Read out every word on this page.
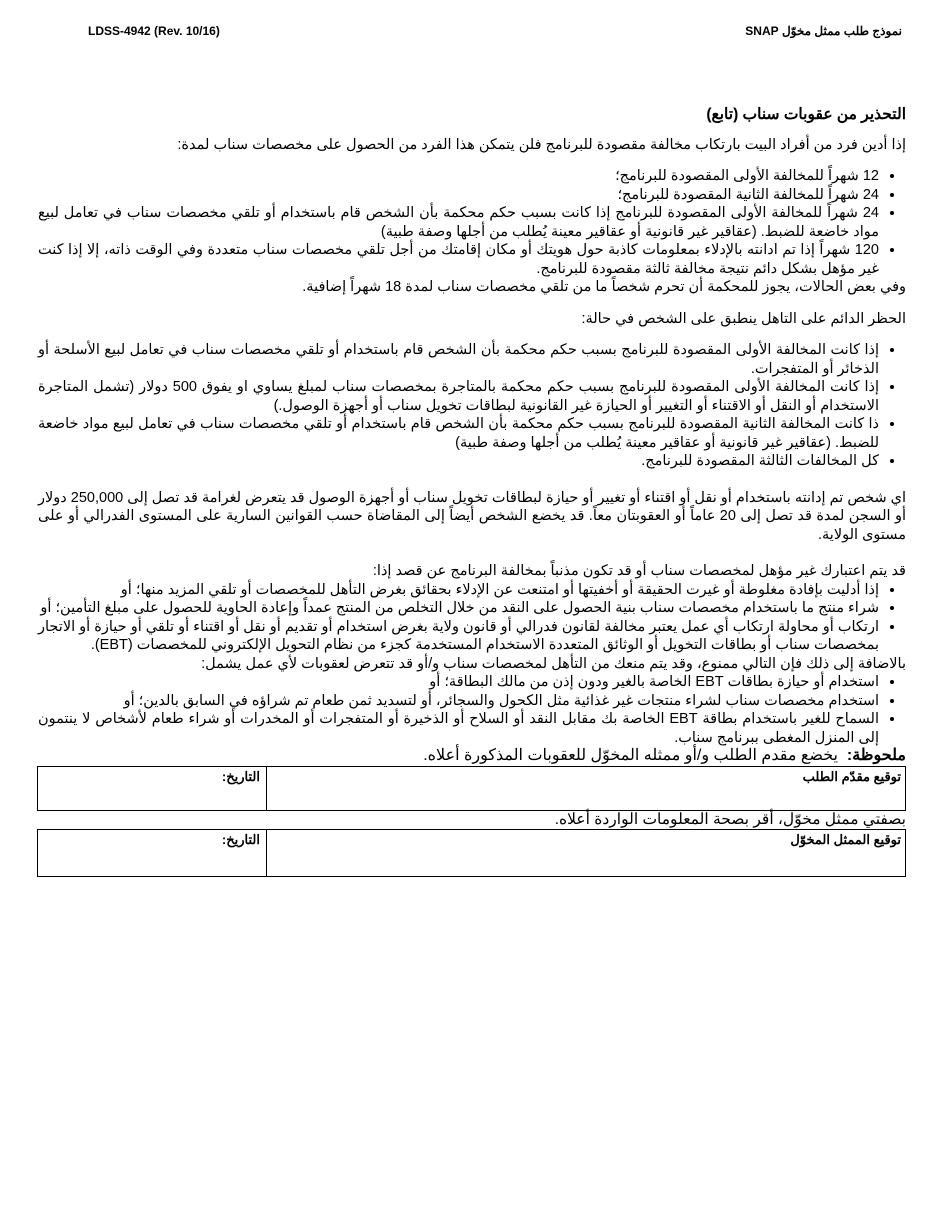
LDSS-4942 (Rev. 10/16)	نموذج طلب ممثل مخوّل SNAP
التحذير من عقوبات سناب (تابع)

إذا أدين فرد من أفراد البيت بارتكاب مخالفة مقصودة للبرنامج فلن يتمكن هذا الفرد من الحصول على مخصصات سناب لمدة:

• 12 شهراً للمخالفة الأولى المقصودة للبرنامج؛
• 24 شهراً للمخالفة الثانية المقصودة للبرنامج؛
• 24 شهراً للمخالفة الأولى المقصودة للبرنامج إذا كانت بسبب حكم محكمة بأن الشخص قام باستخدام أو تلقي مخصصات سناب في تعامل لبيع مواد خاضعة للضبط. (عقاقير غير قانونية أو عقاقير معينة يُطلب من أجلها وصفة طبية)
• 120 شهراً إذا تم ادانته بالإدلاء بمعلومات كاذبة حول هويتك أو مكان إقامتك من أجل تلقي مخصصات سناب متعددة وفي الوقت ذاته، إلا إذا كنت غير مؤهل بشكل دائم نتيجة مخالفة ثالثة مقصودة للبرنامج.

وفي بعض الحالات، يجوز للمحكمة أن تحرم شخصاً ما من تلقي مخصصات سناب لمدة 18 شهراً إضافية.

الحظر الدائم على التاهل ينطبق على الشخص في حالة:

• إذا كانت المخالفة الأولى المقصودة للبرنامج بسبب حكم محكمة بأن الشخص قام باستخدام أو تلقي مخصصات سناب في تعامل لبيع الأسلحة أو الذخائر أو المتفجرات.
• إذا كانت المخالفة الأولى المقصودة للبرنامج بسبب حكم محكمة بالمتاجرة بمخصصات سناب لمبلغ يساوي او يفوق 500 دولار (تشمل المتاجرة الاستخدام أو النقل أو الاقتناء أو التغيير أو الحيازة غير القانونية لبطاقات تخويل سناب أو أجهزة الوصول.)
• ذا كانت المخالفة الثانية المقصودة للبرنامج بسبب حكم محكمة بأن الشخص قام باستخدام أو تلقي مخصصات سناب في تعامل لبيع مواد خاضعة للضبط. (عقاقير غير قانونية أو عقاقير معينة يُطلب من أجلها وصفة طبية)
• كل المخالفات الثالثة المقصودة للبرنامج.

اي شخص تم إدانته باستخدام أو نقل أو اقتناء أو تغيير أو حيازة لبطاقات تخويل سناب أو أجهزة الوصول قد يتعرض لغرامة قد تصل إلى 250,000 دولار أو السجن لمدة قد تصل إلى 20 عاماً أو العقوبتان معاً. قد يخضع الشخص أيضاً إلى المقاضاة حسب القوانين السارية على المستوى الفدرالي أو على مستوى الولاية.

قد يتم اعتبارك غير مؤهل لمخصصات سناب أو قد تكون مذنباً بمخالفة البرنامج عن قصد إذا:

• إذا أدليت بإفادة مغلوطة أو غيرت الحقيقة أو أخفيتها أو امتنعت عن الإدلاء بحقائق بغرض التأهل للمخصصات أو تلقي المزيد منها؛ أو
• شراء منتج ما باستخدام مخصصات سناب بنية الحصول على النقد من خلال التخلص من المنتج عمداً وإعادة الحاوية للحصول على مبلغ التأمين؛ أو
• ارتكاب أو محاولة ارتكاب أي عمل يعتبر مخالفة لقانون فدرالي أو قانون ولاية بغرض استخدام أو تقديم أو نقل أو اقتناء أو تلقي أو حيازة أو الاتجار بمخصصات سناب أو بطاقات التخويل أو الوثائق المتعددة الاستخدام المستخدمة كجزء من نظام التحويل الإلكتروني للمخصصات (EBT).

بالاضافة إلى ذلك فإن التالي ممنوع، وقد يتم منعك من التأهل لمخصصات سناب و/أو قد تتعرض لعقوبات لأي عمل يشمل:

• استخدام أو حيازة بطاقات EBT الخاصة بالغير ودون إذن من مالك البطاقة؛ أو
• استخدام مخصصات سناب لشراء منتجات غير غذائية مثل الكحول والسجائر، أو لتسديد ثمن طعام تم شراؤه في السابق بالدين؛ أو
• السماح للغير باستخدام بطاقة EBT الخاصة بك مقابل النقد أو السلاح أو الذخيرة أو المتفجرات أو المخدرات أو شراء طعام لأشخاص لا ينتمون إلى المنزل المغطى ببرنامج سناب.

ملحوظة:  يخضع مقدم الطلب و/أو ممثله المخوّل للعقوبات المذكورة أعلاه.

توقيع مقدّم الطلب
التاريخ:

بصفتي ممثل مخوّل، أقر بصحة المعلومات الواردة أعلاه.

توقيع الممثل المخوّل
التاريخ:
